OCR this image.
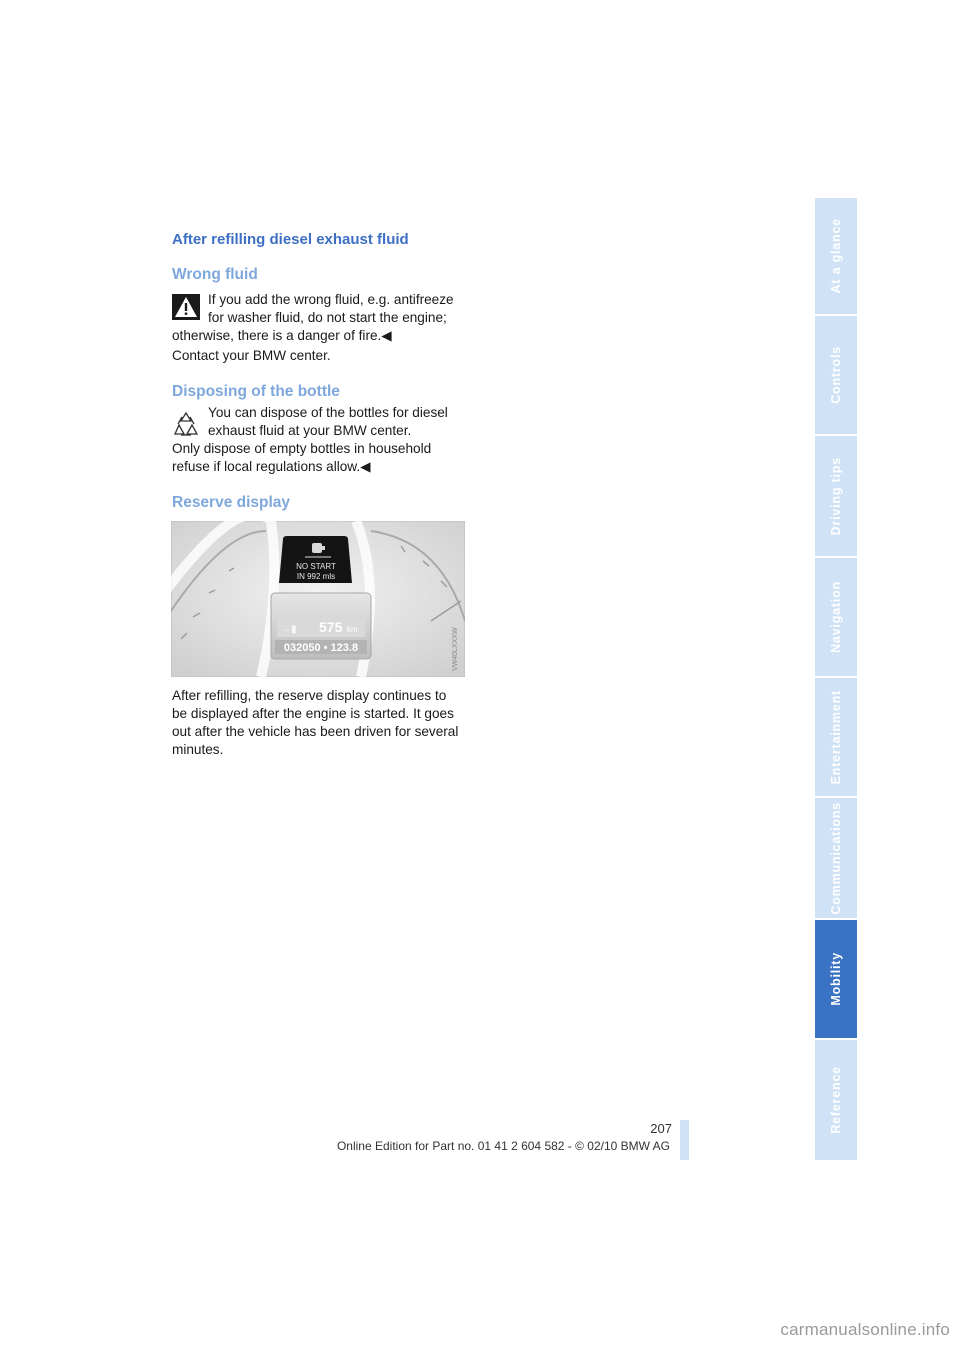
After refilling diesel exhaust fluid
Wrong fluid
If you add the wrong fluid, e.g. antifreeze
for washer fluid, do not start the engine;
otherwise, there is a danger of fire.◀
Contact your BMW center.
Disposing of the bottle
You can dispose of the bottles for diesel
exhaust fluid at your BMW center.
Only dispose of empty bottles in household
refuse if local regulations allow.◀
Reserve display
NO START
IN 992 mls
→▮ 575 km
032050 • 123.8	VW40LXXXW
After refilling, the reserve display continues to
be displayed after the engine is started. It goes
out after the vehicle has been driven for several
minutes.
At a glance
Controls
Driving tips
Navigation
Entertainment
Communications
Mobility
Reference
207
Online Edition for Part no. 01 41 2 604 582 - © 02/10 BMW AG
carmanualsonline.info
